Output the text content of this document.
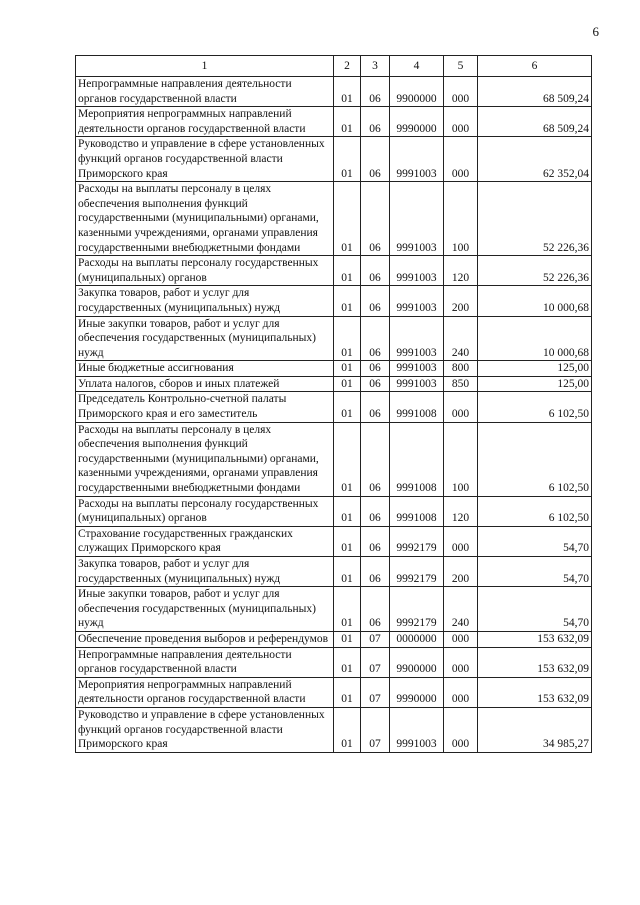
6
1	2	3	4	5	6
Непрограммные направления деятельности органов государственной власти	01	06	9900000	000	68 509,24
Мероприятия непрограммных направлений деятельности органов государственной власти	01	06	9990000	000	68 509,24
Руководство и управление в сфере установленных функций органов государственной власти Приморского края	01	06	9991003	000	62 352,04
Расходы на выплаты персоналу в целях обеспечения выполнения функций государственными (муниципальными) органами, казенными учреждениями, органами управления государственными внебюджетными фондами	01	06	9991003	100	52 226,36
Расходы на выплаты персоналу государственных (муниципальных) органов	01	06	9991003	120	52 226,36
Закупка товаров, работ и услуг для государственных (муниципальных) нужд	01	06	9991003	200	10 000,68
Иные закупки товаров, работ и услуг для обеспечения государственных (муниципальных) нужд	01	06	9991003	240	10 000,68
Иные бюджетные ассигнования	01	06	9991003	800	125,00
Уплата налогов, сборов и иных платежей	01	06	9991003	850	125,00
Председатель Контрольно-счетной палаты Приморского края и его заместитель	01	06	9991008	000	6 102,50
Расходы на выплаты персоналу в целях обеспечения выполнения функций государственными (муниципальными) органами, казенными учреждениями, органами управления государственными внебюджетными фондами	01	06	9991008	100	6 102,50
Расходы на выплаты персоналу государственных (муниципальных) органов	01	06	9991008	120	6 102,50
Страхование государственных гражданских служащих Приморского края	01	06	9992179	000	54,70
Закупка товаров, работ и услуг для государственных (муниципальных) нужд	01	06	9992179	200	54,70
Иные закупки товаров, работ и услуг для обеспечения государственных (муниципальных) нужд	01	06	9992179	240	54,70
Обеспечение проведения выборов и референдумов	01	07	0000000	000	153 632,09
Непрограммные направления деятельности органов государственной власти	01	07	9900000	000	153 632,09
Мероприятия непрограммных направлений деятельности органов государственной власти	01	07	9990000	000	153 632,09
Руководство и управление в сфере установленных функций органов государственной власти Приморского края	01	07	9991003	000	34 985,27
